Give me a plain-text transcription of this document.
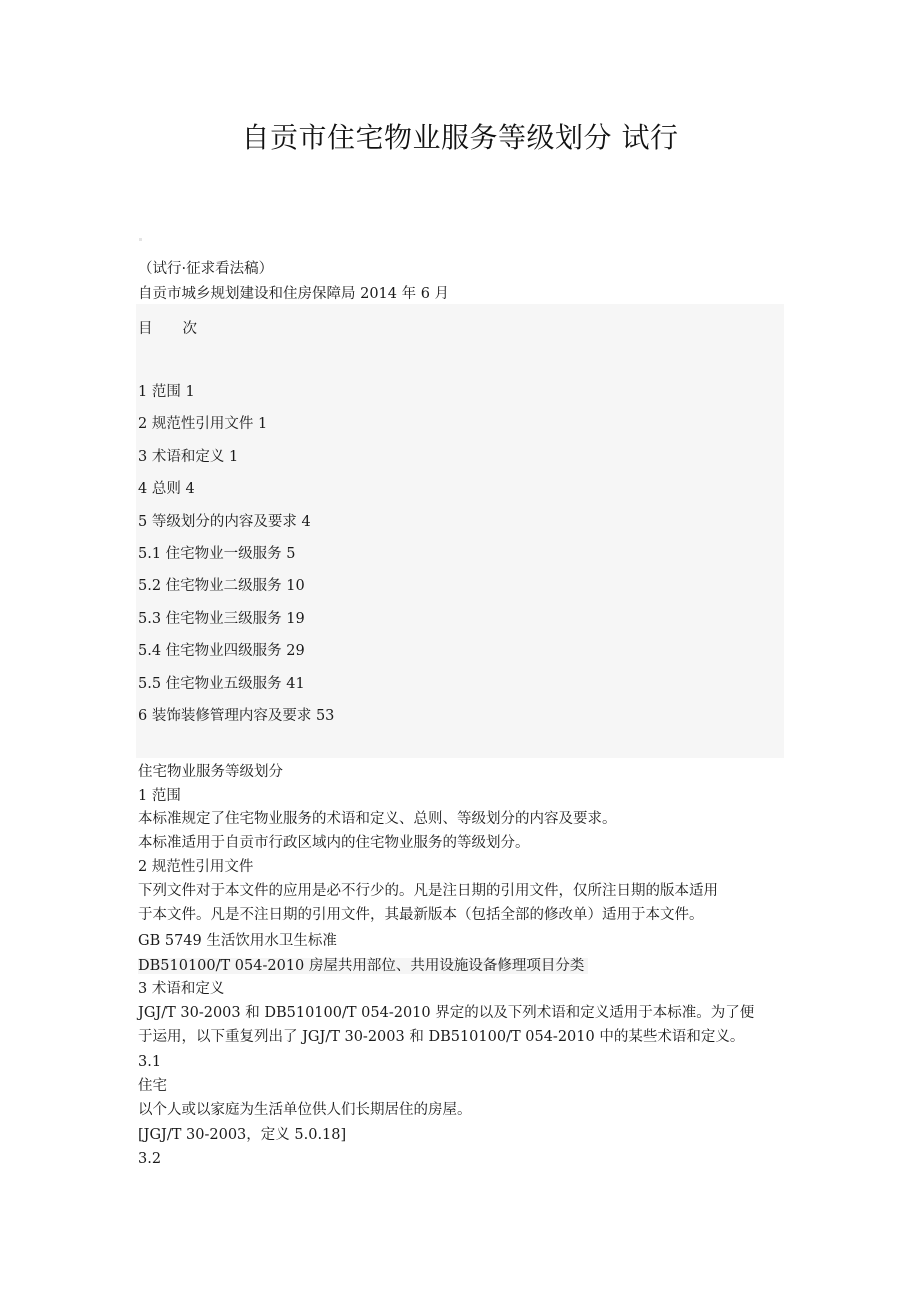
自贡市住宅物业服务等级划分 试行
（试行·征求看法稿）
自贡市城乡规划建设和住房保障局 2014 年 6 月
目 次
1 范围 1
2 规范性引用文件 1
3 术语和定义 1
4 总则 4
5 等级划分的内容及要求 4
5.1 住宅物业一级服务 5
5.2 住宅物业二级服务 10
5.3 住宅物业三级服务 19
5.4 住宅物业四级服务 29
5.5 住宅物业五级服务 41
6 装饰装修管理内容及要求 53
住宅物业服务等级划分
1 范围
本标准规定了住宅物业服务的术语和定义、总则、等级划分的内容及要求。
本标准适用于自贡市行政区域内的住宅物业服务的等级划分。
2 规范性引用文件
下列文件对于本文件的应用是必不行少的。凡是注日期的引用文件，仅所注日期的版本适用
于本文件。凡是不注日期的引用文件，其最新版本（包括全部的修改单）适用于本文件。
GB 5749 生活饮用水卫生标准
DB510100/T 054-2010 房屋共用部位、共用设施设备修理项目分类
3 术语和定义
JGJ/T 30-2003 和 DB510100/T 054-2010 界定的以及下列术语和定义适用于本标准。为了便
于运用，以下重复列出了 JGJ/T 30-2003 和 DB510100/T 054-2010 中的某些术语和定义。
3.1
住宅
以个人或以家庭为生活单位供人们长期居住的房屋。
[JGJ/T 30-2003，定义 5.0.18]
3.2
